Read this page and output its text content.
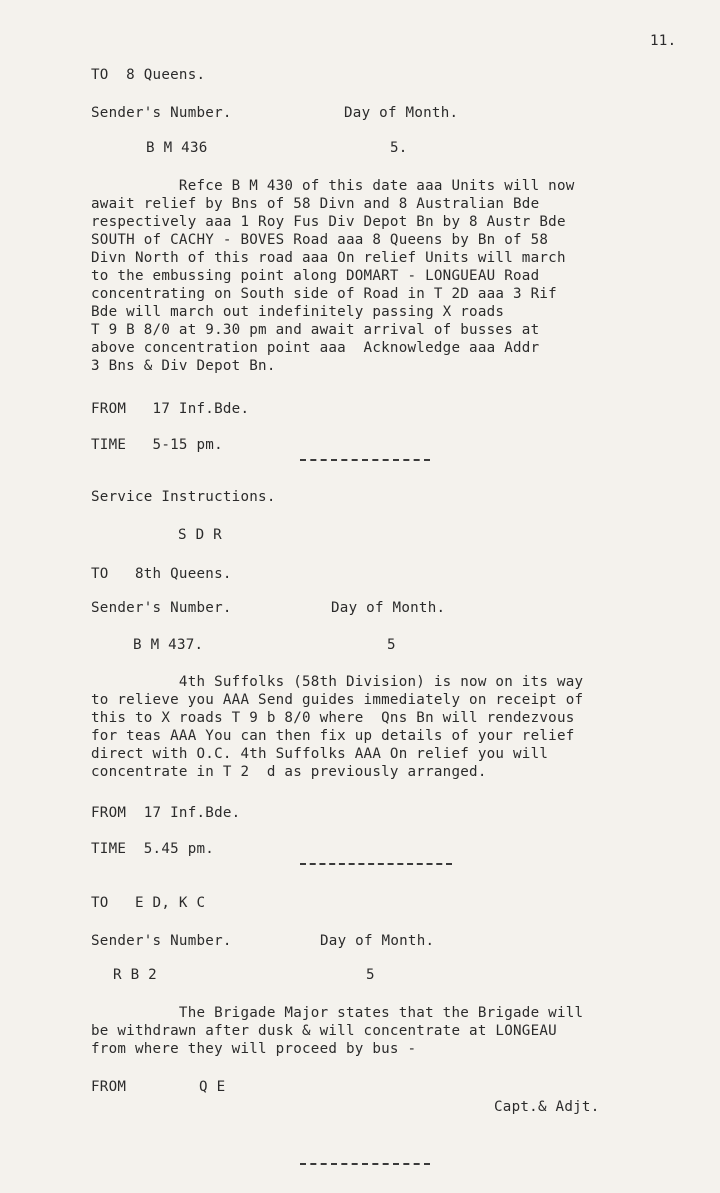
11.
TO  8 Queens.
Sender's Number.	Day of Month.
B M 436	5.
Refce B M 430 of this date aaa Units will now
await relief by Bns of 58 Divn and 8 Australian Bde
respectively aaa 1 Roy Fus Div Depot Bn by 8 Austr Bde
SOUTH of CACHY - BOVES Road aaa 8 Queens by Bn of 58
Divn North of this road aaa On relief Units will march
to the embussing point along DOMART - LONGUEAU Road
concentrating on South side of Road in T 2D aaa 3 Rif
Bde will march out indefinitely passing X roads
T 9 B 8/0 at 9.30 pm and await arrival of busses at
above concentration point aaa  Acknowledge aaa Addr
3 Bns & Div Depot Bn.
FROM   17 Inf.Bde.
TIME   5-15 pm.
Service Instructions.
S D R
TO   8th Queens.
Sender's Number.	Day of Month.
B M 437.	5
4th Suffolks (58th Division) is now on its way
to relieve you AAA Send guides immediately on receipt of
this to X roads T 9 b 8/0 where  Qns Bn will rendezvous
for teas AAA You can then fix up details of your relief
direct with O.C. 4th Suffolks AAA On relief you will
concentrate in T 2  d as previously arranged.
FROM  17 Inf.Bde.
TIME  5.45 pm.
TO   E D, K C
Sender's Number.	Day of Month.
R B 2	5
The Brigade Major states that the Brigade will
be withdrawn after dusk & will concentrate at LONGEAU
from where they will proceed by bus -
FROM	Q E
Capt.& Adjt.
